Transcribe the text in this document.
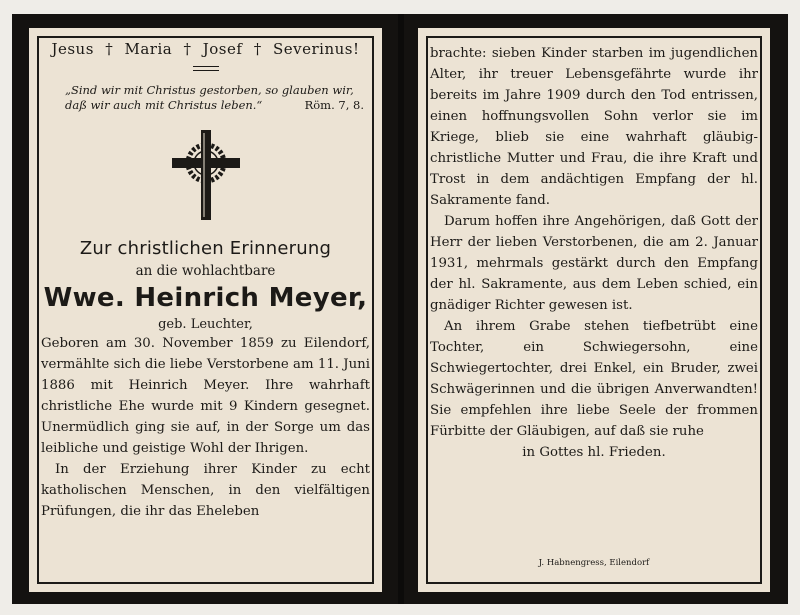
Jesus † Maria † Josef † Severinus!
„Sind wir mit Christus gestorben, so glauben wir, daß wir auch mit Christus leben.“	Röm. 7, 8.
Zur christlichen Erinnerung
an die wohlachtbare
Wwe. Heinrich Meyer,
geb. Leuchter,

Geboren am 30. November 1859 zu Eilendorf, vermählte sich die liebe Verstorbene am 11. Juni 1886 mit Heinrich Meyer. Ihre wahrhaft christliche Ehe wurde mit 9 Kindern gesegnet. Unermüdlich ging sie auf, in der Sorge um das leibliche und geistige Wohl der Ihrigen.

In der Erziehung ihrer Kinder zu echt katholischen Menschen, in den vielfältigen Prüfungen, die ihr das Eheleben

brachte: sieben Kinder starben im jugendlichen Alter, ihr treuer Lebensgefährte wurde ihr bereits im Jahre 1909 durch den Tod entrissen, einen hoffnungsvollen Sohn verlor sie im Kriege, blieb sie eine wahrhaft gläubig-christliche Mutter und Frau, die ihre Kraft und Trost in dem andächtigen Empfang der hl. Sakramente fand.

Darum hoffen ihre Angehörigen, daß Gott der Herr der lieben Verstorbenen, die am 2. Januar 1931, mehrmals gestärkt durch den Empfang der hl. Sakramente, aus dem Leben schied, ein gnädiger Richter gewesen ist.

An ihrem Grabe stehen tiefbetrübt eine Tochter, ein Schwiegersohn, eine Schwiegertochter, drei Enkel, ein Bruder, zwei Schwägerinnen und die übrigen Anverwandten! Sie empfehlen ihre liebe Seele der frommen Fürbitte der Gläubigen, auf daß sie ruhe

in Gottes hl. Frieden.

J. Habnengress, Eilendorf
